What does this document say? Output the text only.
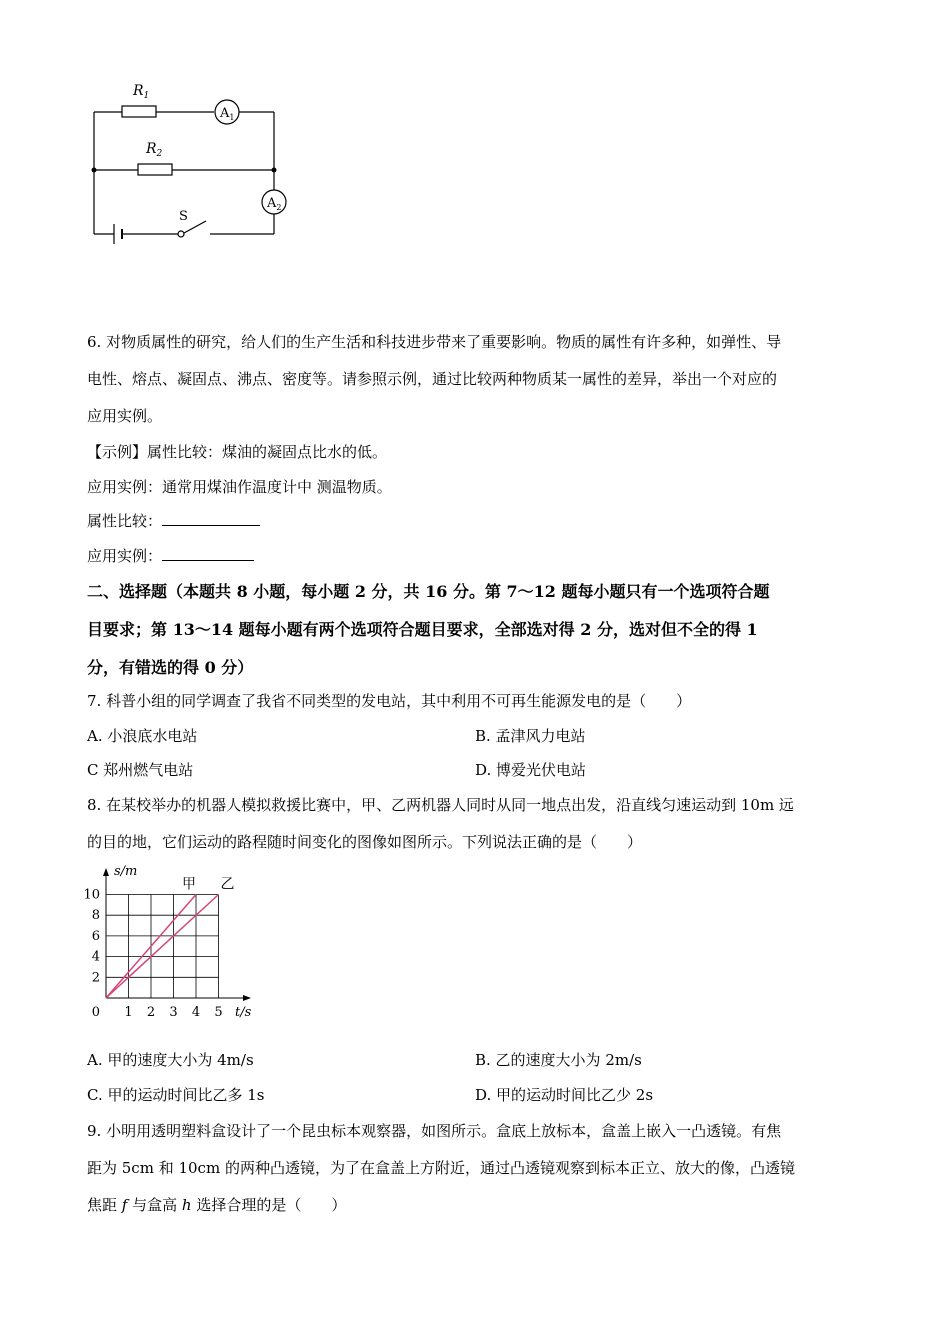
$R_1$
$R_2$
$A_1$
$A_2$
S
6. 对物质属性的研究，给人们的生产生活和科技进步带来了重要影响。物质的属性有许多种，如弹性、导
电性、熔点、凝固点、沸点、密度等。请参照示例，通过比较两种物质某一属性的差异，举出一个对应的
应用实例。
【示例】属性比较：煤油的凝固点比水的低。
应用实例：通常用煤油作温度计中 测温物质。
属性比较：
应用实例：
二、选择题（本题共 8 小题，每小题 2 分，共 16 分。第 7～12 题每小题只有一个选项符合题
目要求；第 13～14 题每小题有两个选项符合题目要求，全部选对得 2 分，选对但不全的得 1
分，有错选的得 0 分）
7. 科普小组的同学调查了我省不同类型的发电站，其中利用不可再生能源发电的是（　　）
A. 小浪底水电站	B. 孟津风力电站
C 郑州燃气电站	D. 博爱光伏电站
8. 在某校举办的机器人模拟救援比赛中，甲、乙两机器人同时从同一地点出发，沿直线匀速运动到 10m 远
的目的地，它们运动的路程随时间变化的图像如图所示。下列说法正确的是（　　）
1 2 3 4 5
2
4
6
8
10
0
s/m
t/s
甲 乙
A. 甲的速度大小为 4m/s	B. 乙的速度大小为 2m/s
C. 甲的运动时间比乙多 1s	D. 甲的运动时间比乙少 2s
9. 小明用透明塑料盒设计了一个昆虫标本观察器，如图所示。盒底上放标本，盒盖上嵌入一凸透镜。有焦
距为 5cm 和 10cm 的两种凸透镜，为了在盒盖上方附近，通过凸透镜观察到标本正立、放大的像，凸透镜
焦距 f 与盒高 h 选择合理的是（　　）
